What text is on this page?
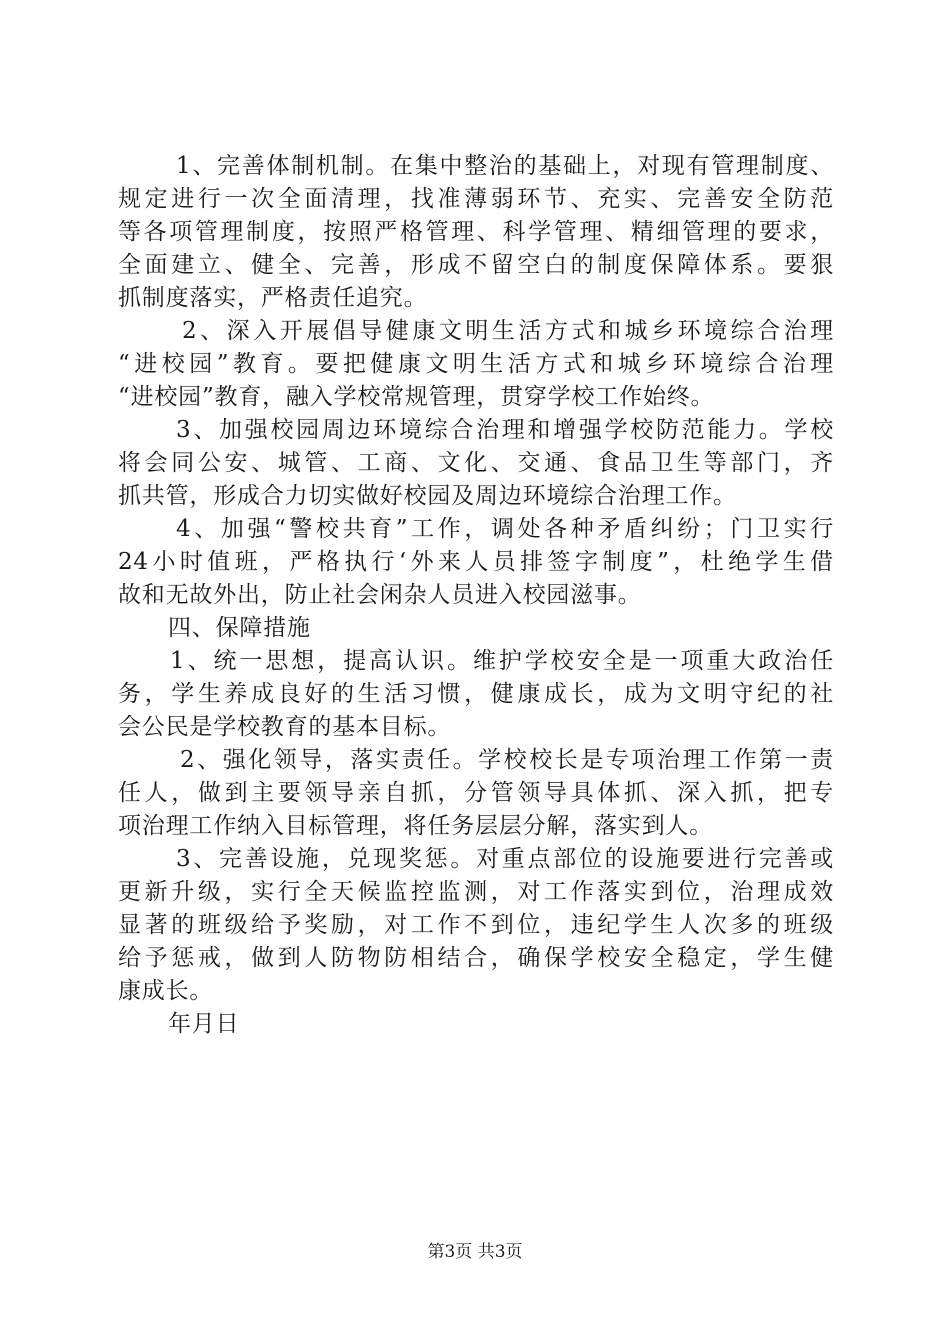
1、完善体制机制。在集中整治的基础上，对现有管理制度、
规定进行一次全面清理，找准薄弱环节、充实、完善安全防范
等各项管理制度，按照严格管理、科学管理、精细管理的要求，
全面建立、健全、完善，形成不留空白的制度保障体系。要狠
抓制度落实，严格责任追究。
2、深入开展倡导健康文明生活方式和城乡环境综合治理
“进校园”教育。要把健康文明生活方式和城乡环境综合治理
“进校园”教育，融入学校常规管理，贯穿学校工作始终。
3、加强校园周边环境综合治理和增强学校防范能力。学校
将会同公安、城管、工商、文化、交通、食品卫生等部门，齐
抓共管，形成合力切实做好校园及周边环境综合治理工作。
4、加强“警校共育”工作，调处各种矛盾纠纷；门卫实行
24小时值班，严格执行‘外来人员排签字制度”，杜绝学生借
故和无故外出，防止社会闲杂人员进入校园滋事。
四、保障措施
1、统一思想，提高认识。维护学校安全是一项重大政治任
务，学生养成良好的生活习惯，健康成长，成为文明守纪的社
会公民是学校教育的基本目标。
2、强化领导，落实责任。学校校长是专项治理工作第一责
任人，做到主要领导亲自抓，分管领导具体抓、深入抓，把专
项治理工作纳入目标管理，将任务层层分解，落实到人。
3、完善设施，兑现奖惩。对重点部位的设施要进行完善或
更新升级，实行全天候监控监测，对工作落实到位，治理成效
显著的班级给予奖励，对工作不到位，违纪学生人次多的班级
给予惩戒，做到人防物防相结合，确保学校安全稳定，学生健
康成长。
年月日
第3页 共3页
